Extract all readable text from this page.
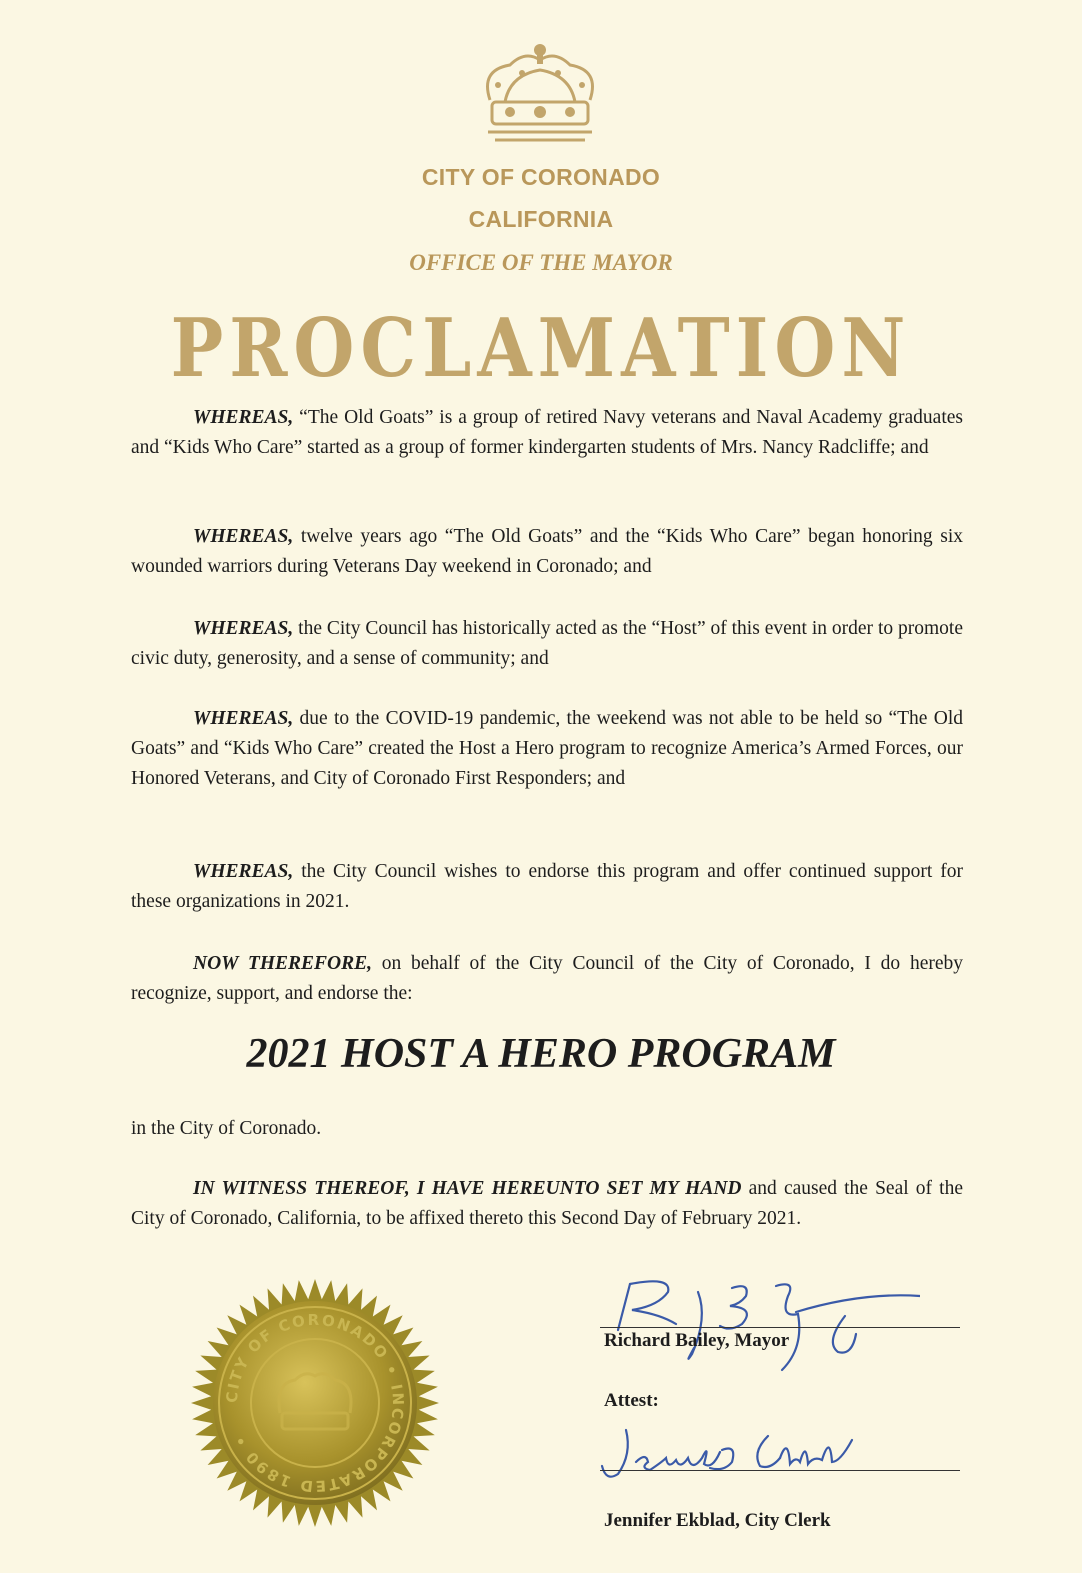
CITY OF CORONADO
CALIFORNIA
OFFICE OF THE MAYOR
PROCLAMATION
WHEREAS, “The Old Goats” is a group of retired Navy veterans and Naval Academy graduates and “Kids Who Care” started as a group of former kindergarten students of Mrs. Nancy Radcliffe; and
WHEREAS, twelve years ago “The Old Goats” and the “Kids Who Care” began honoring six wounded warriors during Veterans Day weekend in Coronado; and
WHEREAS, the City Council has historically acted as the “Host” of this event in order to promote civic duty, generosity, and a sense of community; and
WHEREAS, due to the COVID-19 pandemic, the weekend was not able to be held so “The Old Goats” and “Kids Who Care” created the Host a Hero program to recognize America’s Armed Forces, our Honored Veterans, and City of Coronado First Responders; and
WHEREAS, the City Council wishes to endorse this program and offer continued support for these organizations in 2021.
NOW THEREFORE, on behalf of the City Council of the City of Coronado, I do hereby recognize, support, and endorse the:
2021 HOST A HERO PROGRAM
in the City of Coronado.
IN WITNESS THEREOF, I HAVE HEREUNTO SET MY HAND and caused the Seal of the City of Coronado, California, to be affixed thereto this Second Day of February 2021.
CITY OF CORONADO • INCORPORATED 1890 •
Richard Bailey, Mayor
Attest:
Jennifer Ekblad, City Clerk
